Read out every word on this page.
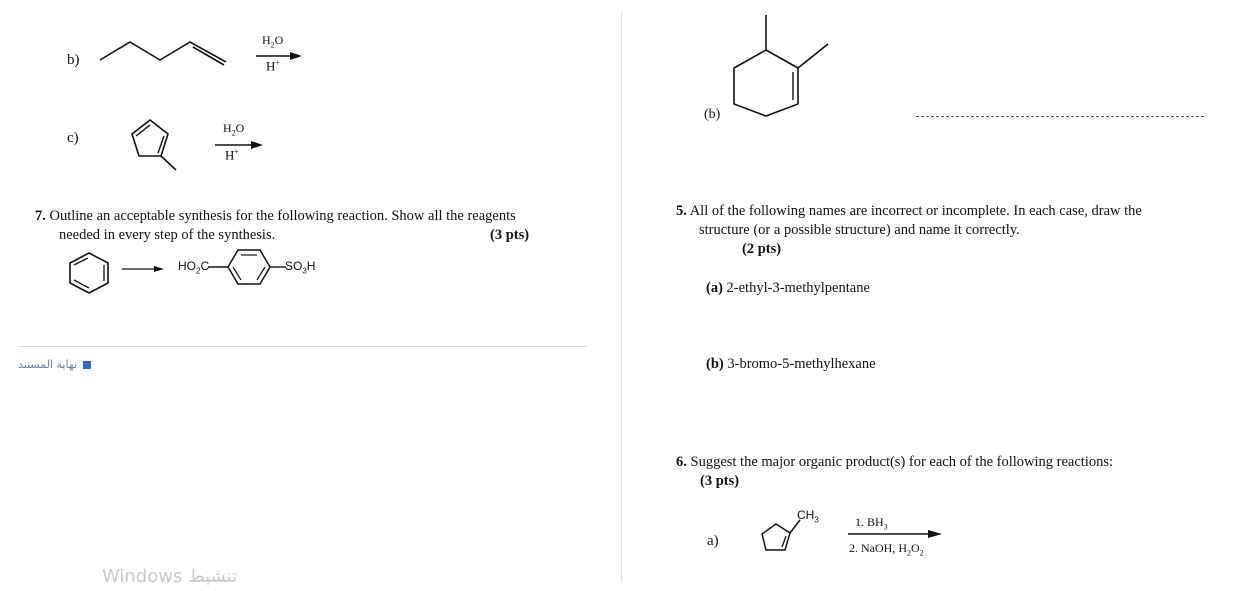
b)
$H_2O$
H+
c)
$H_2O$
H+
7. Outline an acceptable synthesis for the following reaction. Show all the reagents
needed in every step of the synthesis.	(3 pts)
$HO_2C$	$SO_3H$
نهاية المستند
Windows تنشيط
(b)
5. All of the following names are incorrect or incomplete. In each case, draw the
structure (or a possible structure) and name it correctly.
(2 pts)
(a) 2-ethyl-3-methylpentane
(b) 3-bromo-5-methylhexane
6. Suggest the major organic product(s) for each of the following reactions:
(3 pts)
a)
$CH_3$	1. $BH_3$
2. NaOH, $H_2O_2$
